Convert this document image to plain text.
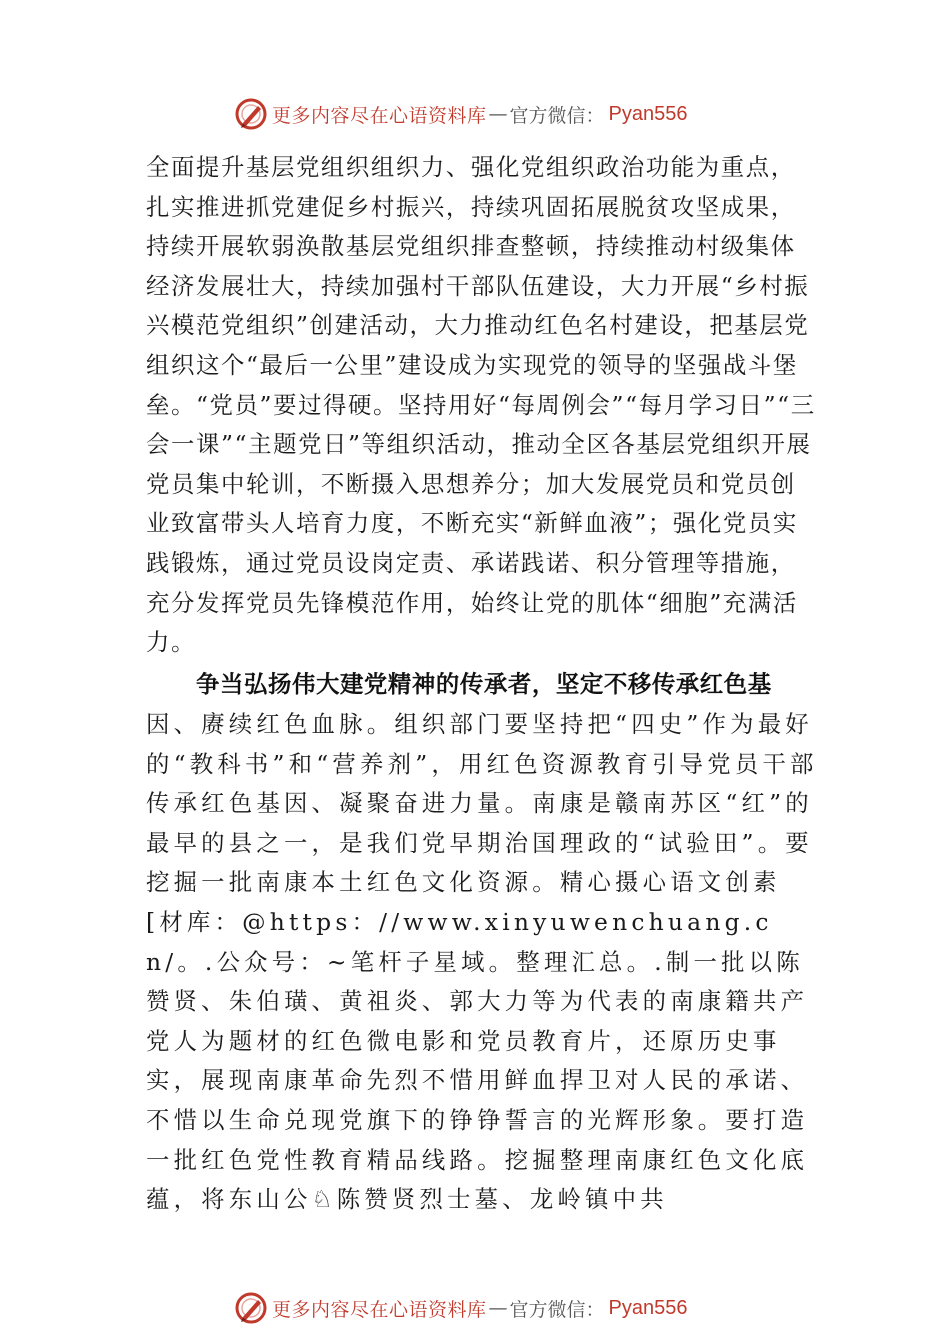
更多内容尽在心语资料库 — 官方微信： Pyan556

全面提升基层党组织组织力、强化党组织政治功能为重点，扎实推进抓党建促乡村振兴，持续巩固拓展脱贫攻坚成果，持续开展软弱涣散基层党组织排查整顿，持续推动村级集体经济发展壮大，持续加强村干部队伍建设，大力开展“乡村振兴模范党组织”创建活动，大力推动红色名村建设，把基层党组织这个“最后一公里”建设成为实现党的领导的坚强战斗堡垒。“党员”要过得硬。坚持用好“每周例会”“每月学习日”“三会一课”“主题党日”等组织活动，推动全区各基层党组织开展党员集中轮训，不断摄入思想养分；加大发展党员和党员创业致富带头人培育力度，不断充实“新鲜血液”；强化党员实践锻炼，通过党员设岗定责、承诺践诺、积分管理等措施，充分发挥党员先锋模范作用，始终让党的肌体“细胞”充满活力。

争当弘扬伟大建党精神的传承者，坚定不移传承红色基

因、赓续红色血脉。组织部门要坚持把“四史”作为最好的“教科书”和“营养剂”，用红色资源教育引导党员干部传承红色基因、凝聚奋进力量。南康是赣南苏区“红”的最早的县之一，是我们党早期治国理政的“试验田”。要挖掘一批南康本土红色文化资源。精心摄心语文创素[材库：@https：//www.xinyuwenchuang.cn/。.公众号：~笔杆子星域。整理汇总。.制一批以陈赞贤、朱伯璜、黄祖炎、郭大力等为代表的南康籍共产党人为题材的红色微电影和党员教育片，还原历史事实，展现南康革命先烈不惜用鲜血捍卫对人民的承诺、不惜以生命兑现党旗下的铮铮誓言的光辉形象。要打造一批红色党性教育精品线路。挖掘整理南康红色文化底蕴，将东山公♘陈赞贤烈士墓、龙岭镇中共

更多内容尽在心语资料库 — 官方微信： Pyan556
